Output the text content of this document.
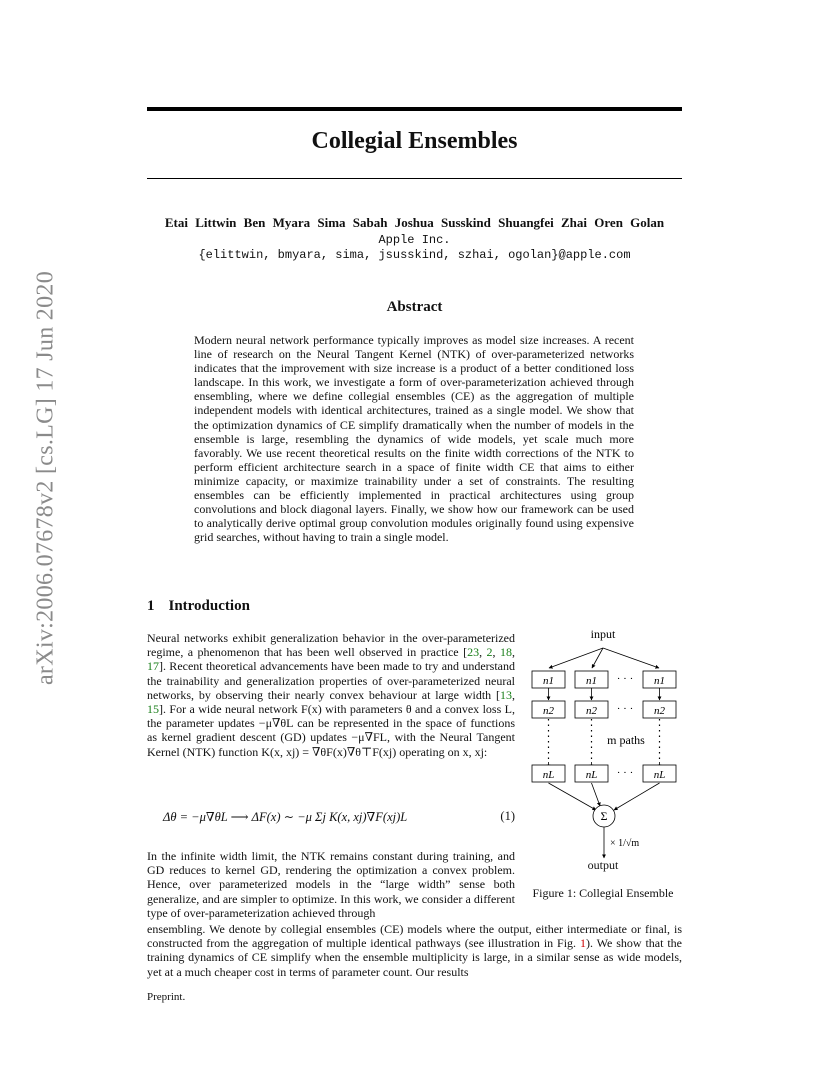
arXiv:2006.07678v2 [cs.LG] 17 Jun 2020
Collegial Ensembles
Etai Littwin Ben Myara Sima Sabah Joshua Susskind Shuangfei Zhai Oren Golan
Apple Inc.
{elittwin, bmyara, sima, jsusskind, szhai, ogolan}@apple.com
Abstract
Modern neural network performance typically improves as model size increases. A recent line of research on the Neural Tangent Kernel (NTK) of over-parameterized networks indicates that the improvement with size increase is a product of a better conditioned loss landscape. In this work, we investigate a form of over-parameterization achieved through ensembling, where we define collegial ensembles (CE) as the aggregation of multiple independent models with identical architectures, trained as a single model. We show that the optimization dynamics of CE simplify dramatically when the number of models in the ensemble is large, resembling the dynamics of wide models, yet scale much more favorably. We use recent theoretical results on the finite width corrections of the NTK to perform efficient architecture search in a space of finite width CE that aims to either minimize capacity, or maximize trainability under a set of constraints. The resulting ensembles can be efficiently implemented in practical architectures using group convolutions and block diagonal layers. Finally, we show how our framework can be used to analytically derive optimal group convolution modules originally found using expensive grid searches, without having to train a single model.
1 Introduction
Neural networks exhibit generalization behavior in the over-parameterized regime, a phenomenon that has been well observed in practice [23, 2, 18, 17]. Recent theoretical advancements have been made to try and understand the trainability and generalization properties of over-parameterized neural networks, by observing their nearly convex behaviour at large width [13, 15]. For a wide neural network F(x) with parameters θ and a convex loss L, the parameter updates −μ∇θL can be represented in the space of functions as kernel gradient descent (GD) updates −μ∇FL, with the Neural Tangent Kernel (NTK) function K(x, xj) = ∇θF(x)∇θ⊤F(xj) operating on x, xj:
Δθ = −μ∇θL ⟶ ΔF(x) ∼ −μ Σj K(x, xj)∇F(xj)L	(1)
In the infinite width limit, the NTK remains constant during training, and GD reduces to kernel GD, rendering the optimization a convex problem. Hence, over parameterized models in the “large width” sense both generalize, and are simpler to optimize. In this work, we consider a different type of over-parameterization achieved through
ensembling. We denote by collegial ensembles (CE) models where the output, either intermediate or final, is constructed from the aggregation of multiple identical pathways (see illustration in Fig. 1). We show that the training dynamics of CE simplify when the ensemble multiplicity is large, in a similar sense as wide models, yet at a much cheaper cost in terms of parameter count. Our results
Preprint.
input
n1	n1	n1
· · ·
n2	n2	n2
· · ·
m paths
nL	nL	nL
· · ·
Σ
× 1/√m
output
Figure 1: Collegial Ensemble
